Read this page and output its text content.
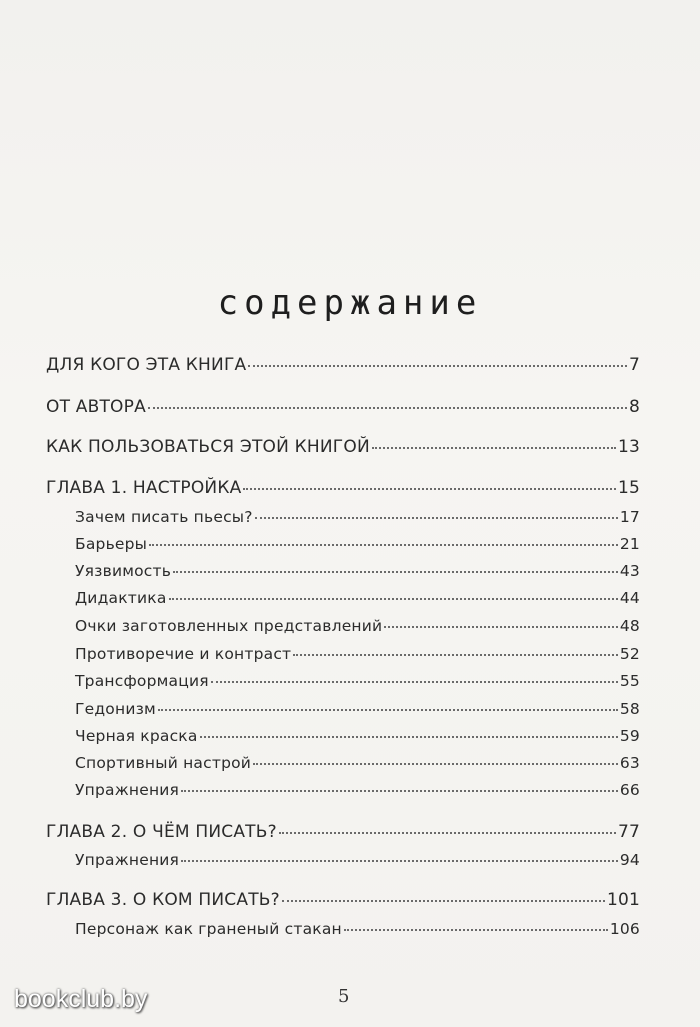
содержание
ДЛЯ КОГО ЭТА КНИГА	7
ОТ АВТОРА	8
КАК ПОЛЬЗОВАТЬСЯ ЭТОЙ КНИГОЙ	13
ГЛАВА 1. НАСТРОЙКА	15
Зачем писать пьесы?	17
Барьеры	21
Уязвимость	43
Дидактика	44
Очки заготовленных представлений	48
Противоречие и контраст	52
Трансформация	55
Гедонизм	58
Черная краска	59
Спортивный настрой	63
Упражнения	66
ГЛАВА 2. О ЧЁМ ПИСАТЬ?	77
Упражнения	94
ГЛАВА 3. О КОМ ПИСАТЬ?	101
Персонаж как граненый стакан	106
5
bookclub.by
